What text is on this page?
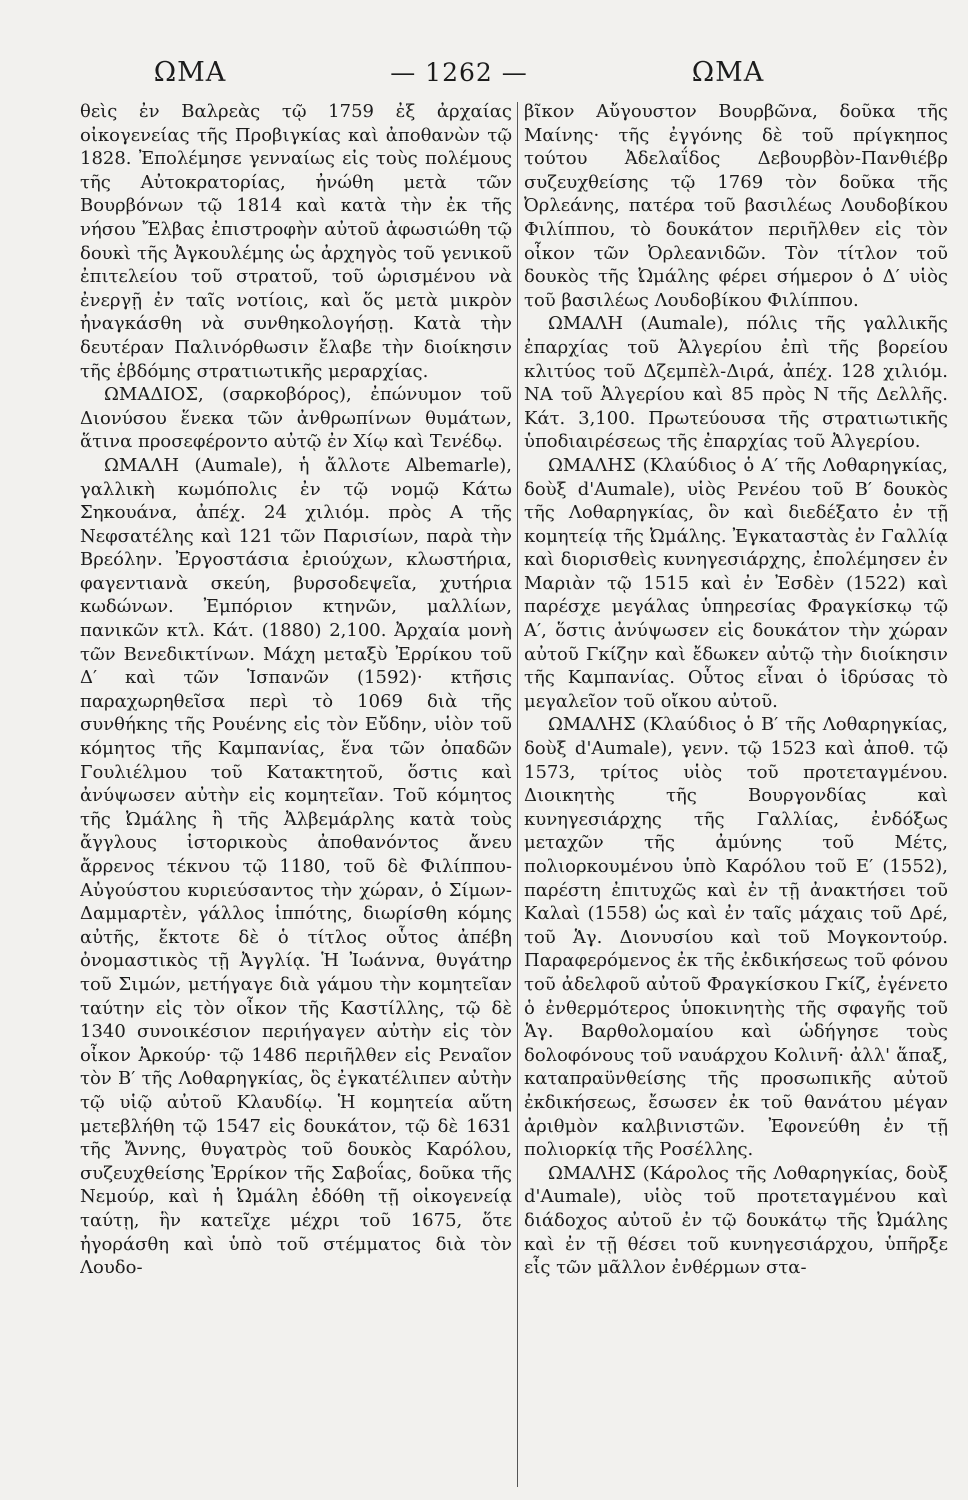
ΩΜΑ	— 1262 —	ΩΜΑ

θεὶς ἐν Βαλρεὰς τῷ 1759 ἐξ ἀρχαίας οἰκογενείας τῆς Προβιγκίας καὶ ἀποθανὼν τῷ 1828. Ἐπολέμησε γενναίως εἰς τοὺς πολέμους τῆς Αὐτοκρατορίας, ἠνώθη μετὰ τῶν Βουρβόνων τῷ 1814 καὶ κατὰ τὴν ἐκ τῆς νήσου Ἔλβας ἐπιστροφὴν αὐτοῦ ἀφωσιώθη τῷ δουκὶ τῆς Ἀγκουλέμης ὡς ἀρχηγὸς τοῦ γενικοῦ ἐπιτελείου τοῦ στρατοῦ, τοῦ ὡρισμένου νὰ ἐνεργῇ ἐν ταῖς νοτίοις, καὶ ὅς μετὰ μικρὸν ἠναγκάσθη νὰ συνθηκολογήσῃ. Κατὰ τὴν δευτέραν Παλινόρθωσιν ἔλαβε τὴν διοίκησιν τῆς ἑβδόμης στρατιωτικῆς μεραρχίας.

ΩΜΑΔΙΟΣ, (σαρκοβόρος), ἐπώνυμον τοῦ Διονύσου ἕνεκα τῶν ἀνθρωπίνων θυμάτων, ἅτινα προσεφέροντο αὐτῷ ἐν Χίῳ καὶ Τενέδῳ.

ΩΜΑΛΗ (Aumale), ἡ ἄλλοτε Albemarle), γαλλικὴ κωμόπολις ἐν τῷ νομῷ Κάτω Σηκουάνα, ἀπέχ. 24 χιλιόμ. πρὸς Α τῆς Νεφσατέλης καὶ 121 τῶν Παρισίων, παρὰ τὴν Βρεόλην. Ἐργοστάσια ἐριούχων, κλωστήρια, φαγεντιανὰ σκεύη, βυρσοδεψεῖα, χυτήρια κωδώνων. Ἐμπόριον κτηνῶν, μαλλίων, πανικῶν κτλ. Κάτ. (1880) 2,100. Ἀρχαία μονὴ τῶν Βενεδικτίνων. Μάχη μεταξὺ Ἐρρίκου τοῦ Δ′ καὶ τῶν Ἱσπανῶν (1592)· κτῆσις παραχωρηθεῖσα περὶ τὸ 1069 διὰ τῆς συνθήκης τῆς Ρουένης εἰς τὸν Εὔδην, υἱὸν τοῦ κόμητος τῆς Καμπανίας, ἕνα τῶν ὀπαδῶν Γουλιέλμου τοῦ Κατακτητοῦ, ὅστις καὶ ἀνύψωσεν αὐτὴν εἰς κομητεῖαν. Τοῦ κόμητος τῆς Ὠμάλης ἢ τῆς Ἀλβεμάρλης κατὰ τοὺς ἄγγλους ἱστορικοὺς ἀποθανόντος ἄνευ ἄρρενος τέκνου τῷ 1180, τοῦ δὲ Φιλίππου-Αὐγούστου κυριεύσαντος τὴν χώραν, ὁ Σίμων-Δαμμαρτὲν, γάλλος ἱππότης, διωρίσθη κόμης αὐτῆς, ἔκτοτε δὲ ὁ τίτλος οὗτος ἀπέβη ὀνομαστικὸς τῇ Ἀγγλίᾳ. Ἡ Ἰωάννα, θυγάτηρ τοῦ Σιμών, μετήγαγε διὰ γάμου τὴν κομητεῖαν ταύτην εἰς τὸν οἶκον τῆς Καστίλλης, τῷ δὲ 1340 συνοικέσιον περιήγαγεν αὐτὴν εἰς τὸν οἶκον Ἀρκούρ· τῷ 1486 περιῆλθεν εἰς Ρεναῖον τὸν Β′ τῆς Λοθαρηγκίας, ὃς ἐγκατέλιπεν αὐτὴν τῷ υἱῷ αὐτοῦ Κλαυδίῳ. Ἡ κομητεία αὕτη μετεβλήθη τῷ 1547 εἰς δουκάτον, τῷ δὲ 1631 τῆς Ἄννης, θυγατρὸς τοῦ δουκὸς Καρόλου, συζευχθείσης Ἐρρίκον τῆς Σαβοΐας, δοῦκα τῆς Νεμούρ, καὶ ἡ Ὠμάλη ἐδόθη τῇ οἰκογενείᾳ ταύτῃ, ἣν κατεῖχε μέχρι τοῦ 1675, ὅτε ἠγοράσθη καὶ ὑπὸ τοῦ στέμματος διὰ τὸν Λουδο-

βῖκον Αὔγουστον Βουρβῶνα, δοῦκα τῆς Μαίνης· τῆς ἐγγόνης δὲ τοῦ πρίγκηπος τούτου Ἀδελαΐδος Δεβουρβὸν-Πανθιέβρ συζευχθείσης τῷ 1769 τὸν δοῦκα τῆς Ὀρλεάνης, πατέρα τοῦ βασιλέως Λουδοβίκου Φιλίππου, τὸ δουκάτον περιῆλθεν εἰς τὸν οἶκον τῶν Ὀρλεανιδῶν. Τὸν τίτλον τοῦ δουκὸς τῆς Ὠμάλης φέρει σήμερον ὁ Δ′ υἱὸς τοῦ βασιλέως Λουδοβίκου Φιλίππου.

ΩΜΑΛΗ (Aumale), πόλις τῆς γαλλικῆς ἐπαρχίας τοῦ Ἀλγερίου ἐπὶ τῆς βορείου κλιτύος τοῦ Δζεμπὲλ-Διρά, ἀπέχ. 128 χιλιόμ. ΝΑ τοῦ Ἀλγερίου καὶ 85 πρὸς Ν τῆς Δελλῆς. Κάτ. 3,100. Πρωτεύουσα τῆς στρατιωτικῆς ὑποδιαιρέσεως τῆς ἐπαρχίας τοῦ Ἀλγερίου.

ΩΜΑΛΗΣ (Κλαύδιος ὁ Α′ τῆς Λοθαρηγκίας, δοὺξ d'Aumale), υἱὸς Ρενέου τοῦ Β′ δουκὸς τῆς Λοθαρηγκίας, ὃν καὶ διεδέξατο ἐν τῇ κομητείᾳ τῆς Ὠμάλης. Ἐγκαταστὰς ἐν Γαλλίᾳ καὶ διορισθεὶς κυνηγεσιάρχης, ἐπολέμησεν ἐν Μαριὰν τῷ 1515 καὶ ἐν Ἐσδὲν (1522) καὶ παρέσχε μεγάλας ὑπηρεσίας Φραγκίσκῳ τῷ Α′, ὅστις ἀνύψωσεν εἰς δουκάτον τὴν χώραν αὐτοῦ Γκίζην καὶ ἔδωκεν αὐτῷ τὴν διοίκησιν τῆς Καμπανίας. Οὗτος εἶναι ὁ ἱδρύσας τὸ μεγαλεῖον τοῦ οἴκου αὐτοῦ.

ΩΜΑΛΗΣ (Κλαύδιος ὁ Β′ τῆς Λοθαρηγκίας, δοὺξ d'Aumale), γενν. τῷ 1523 καὶ ἀποθ. τῷ 1573, τρίτος υἱὸς τοῦ προτεταγμένου. Διοικητὴς τῆς Βουργονδίας καὶ κυνηγεσιάρχης τῆς Γαλλίας, ἐνδόξως μεταχῶν τῆς ἀμύνης τοῦ Μέτς, πολιορκουμένου ὑπὸ Καρόλου τοῦ Ε′ (1552), παρέστη ἐπιτυχῶς καὶ ἐν τῇ ἀνακτήσει τοῦ Καλαὶ (1558) ὡς καὶ ἐν ταῖς μάχαις τοῦ Δρέ, τοῦ Ἁγ. Διονυσίου καὶ τοῦ Μογκοντούρ. Παραφερόμενος ἐκ τῆς ἐκδικήσεως τοῦ φόνου τοῦ ἀδελφοῦ αὐτοῦ Φραγκίσκου Γκίζ, ἐγένετο ὁ ἐνθερμότερος ὑποκινητὴς τῆς σφαγῆς τοῦ Ἁγ. Βαρθολομαίου καὶ ὡδήγησε τοὺς δολοφόνους τοῦ ναυάρχου Κολινῆ· ἀλλ' ἅπαξ, καταπραϋνθείσης τῆς προσωπικῆς αὐτοῦ ἐκδικήσεως, ἔσωσεν ἐκ τοῦ θανάτου μέγαν ἀριθμὸν καλβινιστῶν. Ἐφονεύθη ἐν τῇ πολιορκίᾳ τῆς Ροσέλλης.

ΩΜΑΛΗΣ (Κάρολος τῆς Λοθαρηγκίας, δοὺξ d'Aumale), υἱὸς τοῦ προτεταγμένου καὶ διάδοχος αὐτοῦ ἐν τῷ δουκάτῳ τῆς Ὠμάλης καὶ ἐν τῇ θέσει τοῦ κυνηγεσιάρχου, ὑπῆρξε εἷς τῶν μᾶλλον ἐνθέρμων στα-
